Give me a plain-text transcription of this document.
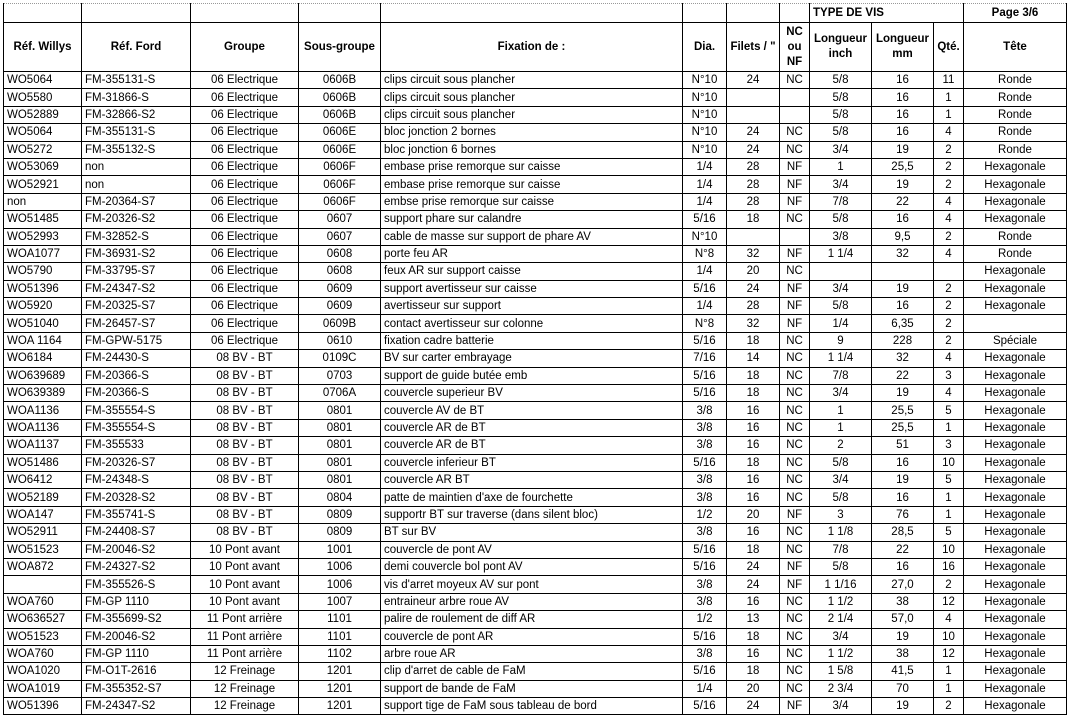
								TYPE DE VIS			Page 3/6
Réf. Willys	Réf. Ford	Groupe	Sous-groupe	Fixation de :	Dia.	Filets / "	NC ou NF	Longueur inch	Longueur mm	Qté.	Tête
WO5064	FM-355131-S	06 Electrique	0606B	clips circuit sous plancher	N°10	24	NC	5/8	16	11	Ronde
WO5580	FM-31866-S	06 Electrique	0606B	clips circuit sous plancher	N°10			5/8	16	1	Ronde
WO52889	FM-32866-S2	06 Electrique	0606B	clips circuit sous plancher	N°10			5/8	16	1	Ronde
WO5064	FM-355131-S	06 Electrique	0606E	bloc jonction 2 bornes	N°10	24	NC	5/8	16	4	Ronde
WO5272	FM-355132-S	06 Electrique	0606E	bloc jonction 6 bornes	N°10	24	NC	3/4	19	2	Ronde
WO53069	non	06 Electrique	0606F	embase prise remorque sur caisse	1/4	28	NF	1	25,5	2	Hexagonale
WO52921	non	06 Electrique	0606F	embase prise remorque sur caisse	1/4	28	NF	3/4	19	2	Hexagonale
non	FM-20364-S7	06 Electrique	0606F	embse prise remorque sur caisse	1/4	28	NF	7/8	22	4	Hexagonale
WO51485	FM-20326-S2	06 Electrique	0607	support phare sur calandre	5/16	18	NC	5/8	16	4	Hexagonale
WO52993	FM-32852-S	06 Electrique	0607	cable de masse sur support de phare AV	N°10			3/8	9,5	2	Ronde
WOA1077	FM-36931-S2	06 Electrique	0608	porte feu AR	N°8	32	NF	1 1/4	32	4	Ronde
WO5790	FM-33795-S7	06 Electrique	0608	feux AR sur support caisse	1/4	20	NC				Hexagonale
WO51396	FM-24347-S2	06 Electrique	0609	support avertisseur sur caisse	5/16	24	NF	3/4	19	2	Hexagonale
WO5920	FM-20325-S7	06 Electrique	0609	avertisseur sur support	1/4	28	NF	5/8	16	2	Hexagonale
WO51040	FM-26457-S7	06 Electrique	0609B	contact avertisseur sur colonne	N°8	32	NF	1/4	6,35	2	
WOA 1164	FM-GPW-5175	06 Electrique	0610	fixation cadre batterie	5/16	18	NC	9	228	2	Spéciale
WO6184	FM-24430-S	08 BV - BT	0109C	BV sur carter embrayage	7/16	14	NC	1 1/4	32	4	Hexagonale
WO639689	FM-20366-S	08 BV - BT	0703	support de guide butée emb	5/16	18	NC	7/8	22	3	Hexagonale
WO639389	FM-20366-S	08 BV - BT	0706A	couvercle superieur BV	5/16	18	NC	3/4	19	4	Hexagonale
WOA1136	FM-355554-S	08 BV - BT	0801	couvercle AV de BT	3/8	16	NC	1	25,5	5	Hexagonale
WOA1136	FM-355554-S	08 BV - BT	0801	couvercle AR de BT	3/8	16	NC	1	25,5	1	Hexagonale
WOA1137	FM-355533	08 BV - BT	0801	couvercle AR de BT	3/8	16	NC	2	51	3	Hexagonale
WO51486	FM-20326-S7	08 BV - BT	0801	couvercle inferieur BT	5/16	18	NC	5/8	16	10	Hexagonale
WO6412	FM-24348-S	08 BV - BT	0801	couvercle AR BT	3/8	16	NC	3/4	19	5	Hexagonale
WO52189	FM-20328-S2	08 BV - BT	0804	patte de maintien d'axe de fourchette	3/8	16	NC	5/8	16	1	Hexagonale
WOA147	FM-355741-S	08 BV - BT	0809	supportr BT sur traverse (dans silent bloc)	1/2	20	NF	3	76	1	Hexagonale
WO52911	FM-24408-S7	08 BV - BT	0809	BT sur BV	3/8	16	NC	1 1/8	28,5	5	Hexagonale
WO51523	FM-20046-S2	10 Pont avant	1001	couvercle de pont AV	5/16	18	NC	7/8	22	10	Hexagonale
WOA872	FM-24327-S2	10 Pont avant	1006	demi couvercle bol pont AV	5/16	24	NF	5/8	16	16	Hexagonale
	FM-355526-S	10 Pont avant	1006	vis d'arret moyeux AV sur pont	3/8	24	NF	1 1/16	27,0	2	Hexagonale
WOA760	FM-GP 1110	10 Pont avant	1007	entraineur arbre roue AV	3/8	16	NC	1 1/2	38	12	Hexagonale
WO636527	FM-355699-S2	11 Pont arrière	1101	palire de roulement de diff AR	1/2	13	NC	2 1/4	57,0	4	Hexagonale
WO51523	FM-20046-S2	11 Pont arrière	1101	couvercle de pont AR	5/16	18	NC	3/4	19	10	Hexagonale
WOA760	FM-GP 1110	11 Pont arrière	1102	arbre roue AR	3/8	16	NC	1 1/2	38	12	Hexagonale
WOA1020	FM-O1T-2616	12 Freinage	1201	clip d'arret de cable de FaM	5/16	18	NC	1 5/8	41,5	1	Hexagonale
WOA1019	FM-355352-S7	12 Freinage	1201	support de bande de FaM	1/4	20	NC	2 3/4	70	1	Hexagonale
WO51396	FM-24347-S2	12 Freinage	1201	support tige de FaM sous tableau de bord	5/16	24	NF	3/4	19	2	Hexagonale
